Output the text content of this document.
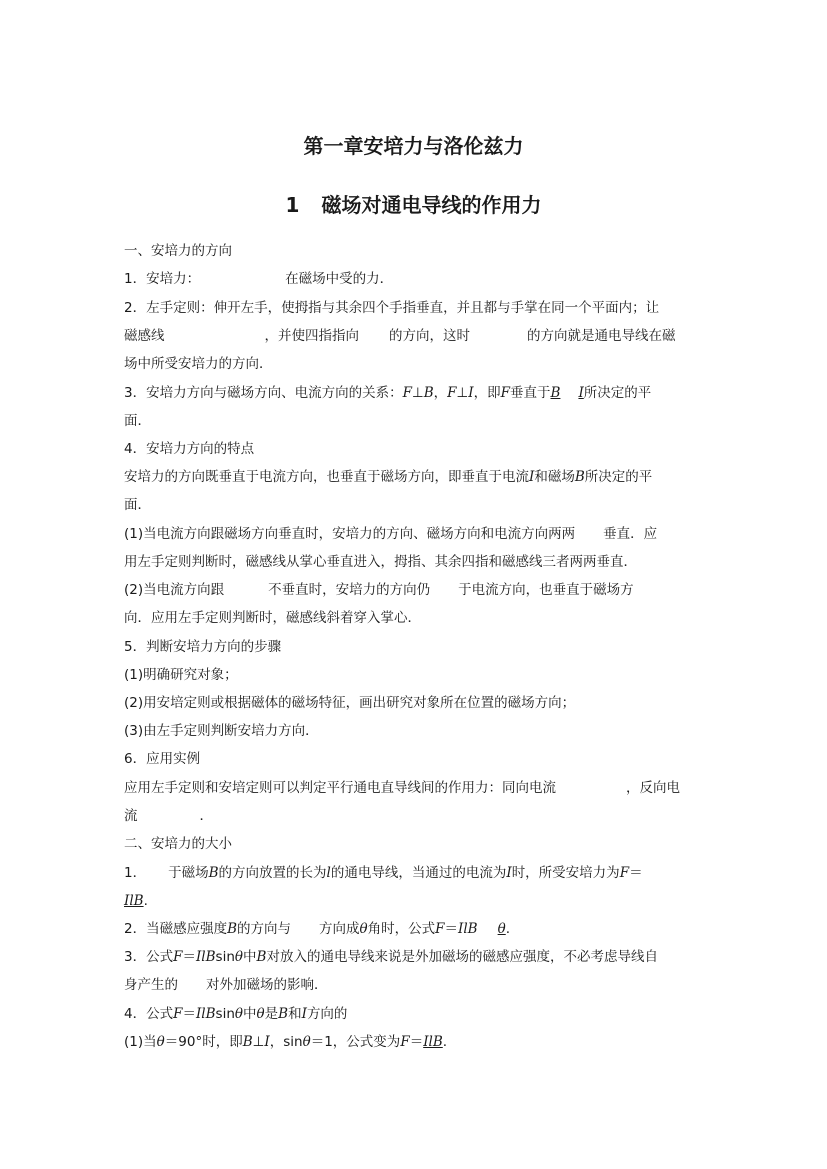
第一章安培力与洛伦兹力
1 磁场对通电导线的作用力
一、安培力的方向
1．安培力：	在磁场中受的力．
2．左手定则：伸开左手，使拇指与其余四个手指垂直，并且都与手掌在同一个平面内；让
磁感线	，并使四指指向 的方向，这时	的方向就是通电导线在磁
场中所受安培力的方向．
3．安培力方向与磁场方向、电流方向的关系：F⊥B，F⊥I，即F垂直于B I所决定的平
面．
4．安培力方向的特点
安培力的方向既垂直于电流方向，也垂直于磁场方向，即垂直于电流I和磁场B所决定的平
面．
(1)当电流方向跟磁场方向垂直时，安培力的方向、磁场方向和电流方向两两 垂直．应
用左手定则判断时，磁感线从掌心垂直进入，拇指、其余四指和磁感线三者两两垂直．
(2)当电流方向跟	不垂直时，安培力的方向仍 于电流方向，也垂直于磁场方
向．应用左手定则判断时，磁感线斜着穿入掌心．
5．判断安培力方向的步骤
(1)明确研究对象；
(2)用安培定则或根据磁体的磁场特征，画出研究对象所在位置的磁场方向；
(3)由左手定则判断安培力方向．
6．应用实例
应用左手定则和安培定则可以判定平行通电直导线间的作用力：同向电流	，反向电
流	．
二、安培力的大小
1． 于磁场B的方向放置的长为l的通电导线，当通过的电流为I时，所受安培力为F＝
IlB.
2．当磁感应强度B的方向与 方向成θ角时，公式F＝IlB θ.
3．公式F＝IlBsinθ中B对放入的通电导线来说是外加磁场的磁感应强度，不必考虑导线自
身产生的 对外加磁场的影响．
4．公式F＝IlBsinθ中θ是B和I方向的
(1)当θ＝90°时，即B⊥I，sinθ＝1，公式变为F＝IlB.
